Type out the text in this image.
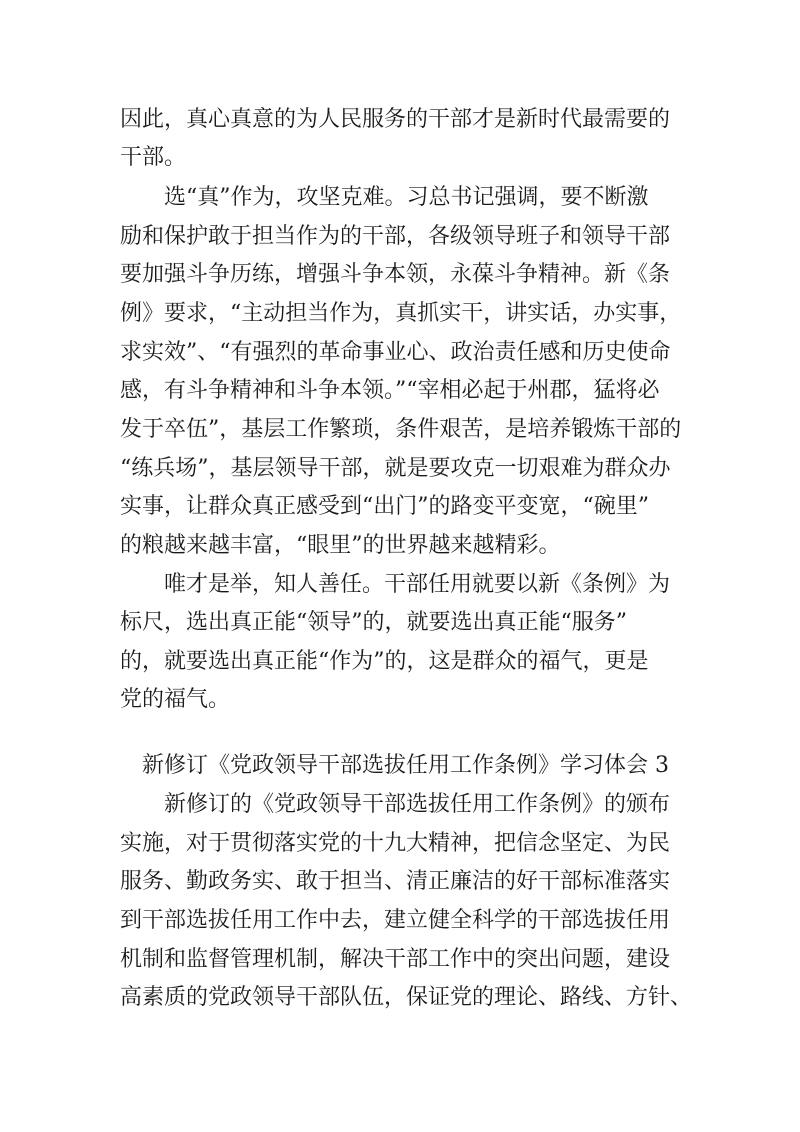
因此，真心真意的为人民服务的干部才是新时代最需要的
干部。
选“真”作为，攻坚克难。习总书记强调，要不断激
励和保护敢于担当作为的干部，各级领导班子和领导干部
要加强斗争历练，增强斗争本领，永葆斗争精神。新《条
例》要求，“主动担当作为，真抓实干，讲实话，办实事，
求实效”、“有强烈的革命事业心、政治责任感和历史使命
感，有斗争精神和斗争本领。”“宰相必起于州郡，猛将必
发于卒伍”，基层工作繁琐，条件艰苦，是培养锻炼干部的
“练兵场”，基层领导干部，就是要攻克一切艰难为群众办
实事，让群众真正感受到“出门”的路变平变宽，“碗里”
的粮越来越丰富，“眼里”的世界越来越精彩。
唯才是举，知人善任。干部任用就要以新《条例》为
标尺，选出真正能“领导”的，就要选出真正能“服务”
的，就要选出真正能“作为”的，这是群众的福气，更是
党的福气。
新修订《党政领导干部选拔任用工作条例》学习体会 3
新修订的《党政领导干部选拔任用工作条例》的颁布
实施，对于贯彻落实党的十九大精神，把信念坚定、为民
服务、勤政务实、敢于担当、清正廉洁的好干部标准落实
到干部选拔任用工作中去，建立健全科学的干部选拔任用
机制和监督管理机制，解决干部工作中的突出问题，建设
高素质的党政领导干部队伍，保证党的理论、路线、方针、
